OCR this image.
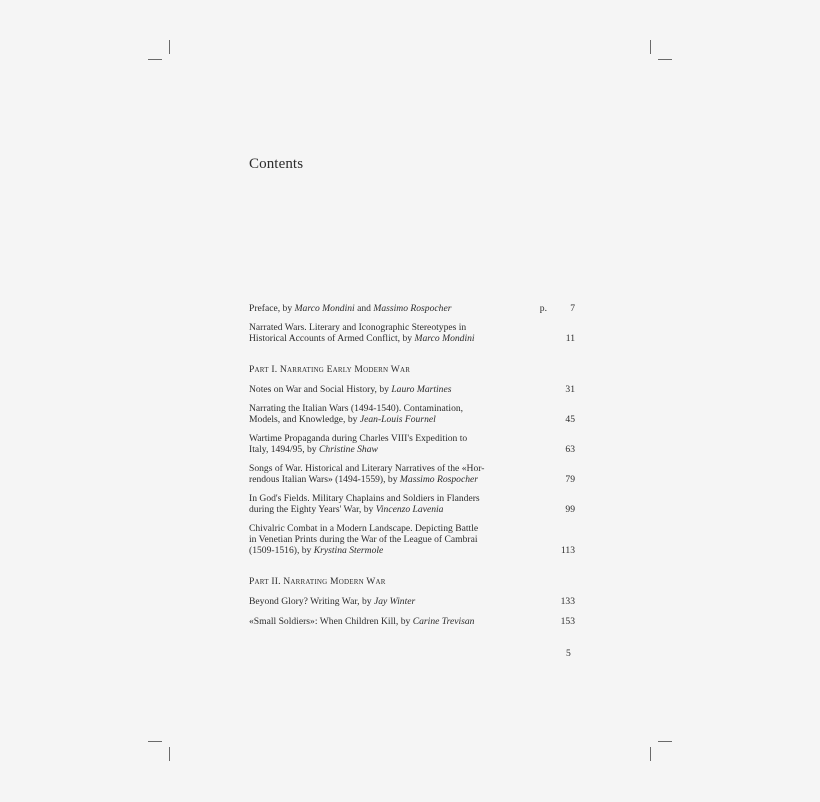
Contents
Preface, by Marco Mondini and Massimo Rospocher	p. 7
Narrated Wars. Literary and Iconographic Stereotypes in
Historical Accounts of Armed Conflict, by Marco Mondini	11
Part I. Narrating Early Modern War
Notes on War and Social History, by Lauro Martines	31
Narrating the Italian Wars (1494-1540). Contamination,
Models, and Knowledge, by Jean-Louis Fournel	45
Wartime Propaganda during Charles VIII's Expedition to
Italy, 1494/95, by Christine Shaw	63
Songs of War. Historical and Literary Narratives of the «Hor-
rendous Italian Wars» (1494-1559), by Massimo Rospocher	79
In God's Fields. Military Chaplains and Soldiers in Flanders
during the Eighty Years' War, by Vincenzo Lavenia	99
Chivalric Combat in a Modern Landscape. Depicting Battle
in Venetian Prints during the War of the League of Cambrai
(1509-1516), by Krystina Stermole	113
Part II. Narrating Modern War
Beyond Glory? Writing War, by Jay Winter	133
«Small Soldiers»: When Children Kill, by Carine Trevisan	153
5
